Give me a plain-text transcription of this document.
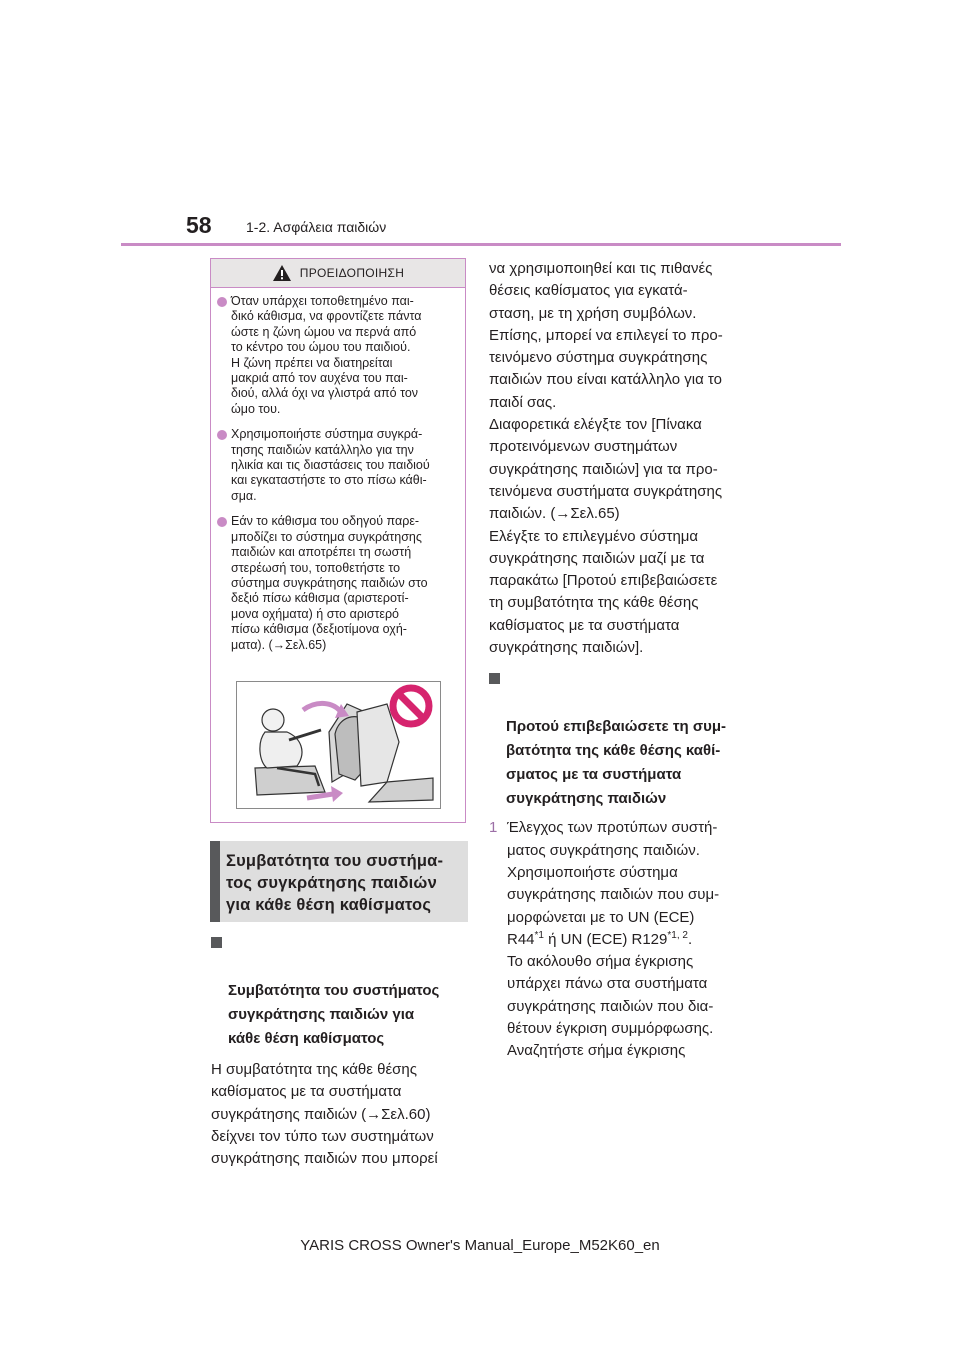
58 1-2. Ασφάλεια παιδιών
ΠΡΟΕΙΔΟΠΟΙΗΣΗ
Όταν υπάρχει τοποθετημένο παι-
δικό κάθισμα, να φροντίζετε πάντα
ώστε η ζώνη ώμου να περνά από
το κέντρο του ώμου του παιδιού.
Η ζώνη πρέπει να διατηρείται
μακριά από τον αυχένα του παι-
διού, αλλά όχι να γλιστρά από τον
ώμο του.
Χρησιμοποιήστε σύστημα συγκρά-
τησης παιδιών κατάλληλο για την
ηλικία και τις διαστάσεις του παιδιού
και εγκαταστήστε το στο πίσω κάθι-
σμα.
Εάν το κάθισμα του οδηγού παρε-
μποδίζει το σύστημα συγκράτησης
παιδιών και αποτρέπει τη σωστή
στερέωσή του, τοποθετήστε το
σύστημα συγκράτησης παιδιών στο
δεξιό πίσω κάθισμα (αριστεροτί-
μονα οχήματα) ή στο αριστερό
πίσω κάθισμα (δεξιοτίμονα οχή-
ματα). (→Σελ.65)
Συμβατότητα του συστήμα-
τος συγκράτησης παιδιών
για κάθε θέση καθίσματος

Συμβατότητα του συστήματος
συγκράτησης παιδιών για
κάθε θέση καθίσματος

Η συμβατότητα της κάθε θέσης
καθίσματος με τα συστήματα
συγκράτησης παιδιών (→Σελ.60)
δείχνει τον τύπο των συστημάτων
συγκράτησης παιδιών που μπορεί
να χρησιμοποιηθεί και τις πιθανές
θέσεις καθίσματος για εγκατά-
σταση, με τη χρήση συμβόλων.
Επίσης, μπορεί να επιλεγεί το προ-
τεινόμενο σύστημα συγκράτησης
παιδιών που είναι κατάλληλο για το
παιδί σας.
Διαφορετικά ελέγξτε τον [Πίνακα
προτεινόμενων συστημάτων
συγκράτησης παιδιών] για τα προ-
τεινόμενα συστήματα συγκράτησης
παιδιών. (→Σελ.65)
Ελέγξτε το επιλεγμένο σύστημα
συγκράτησης παιδιών μαζί με τα
παρακάτω [Προτού επιβεβαιώσετε
τη συμβατότητα της κάθε θέσης
καθίσματος με τα συστήματα
συγκράτησης παιδιών].

Προτού επιβεβαιώσετε τη συμ-
βατότητα της κάθε θέσης καθί-
σματος με τα συστήματα
συγκράτησης παιδιών

1 Έλεγχος των προτύπων συστή-
ματος συγκράτησης παιδιών.
Χρησιμοποιήστε σύστημα
συγκράτησης παιδιών που συμ-
μορφώνεται με το UN (ECE)
R44$^{*1}$ ή UN (ECE) R129$^{*1, 2}$.
Το ακόλουθο σήμα έγκρισης
υπάρχει πάνω στα συστήματα
συγκράτησης παιδιών που δια-
θέτουν έγκριση συμμόρφωσης.
Αναζητήστε σήμα έγκρισης
YARIS CROSS Owner's Manual_Europe_M52K60_en
